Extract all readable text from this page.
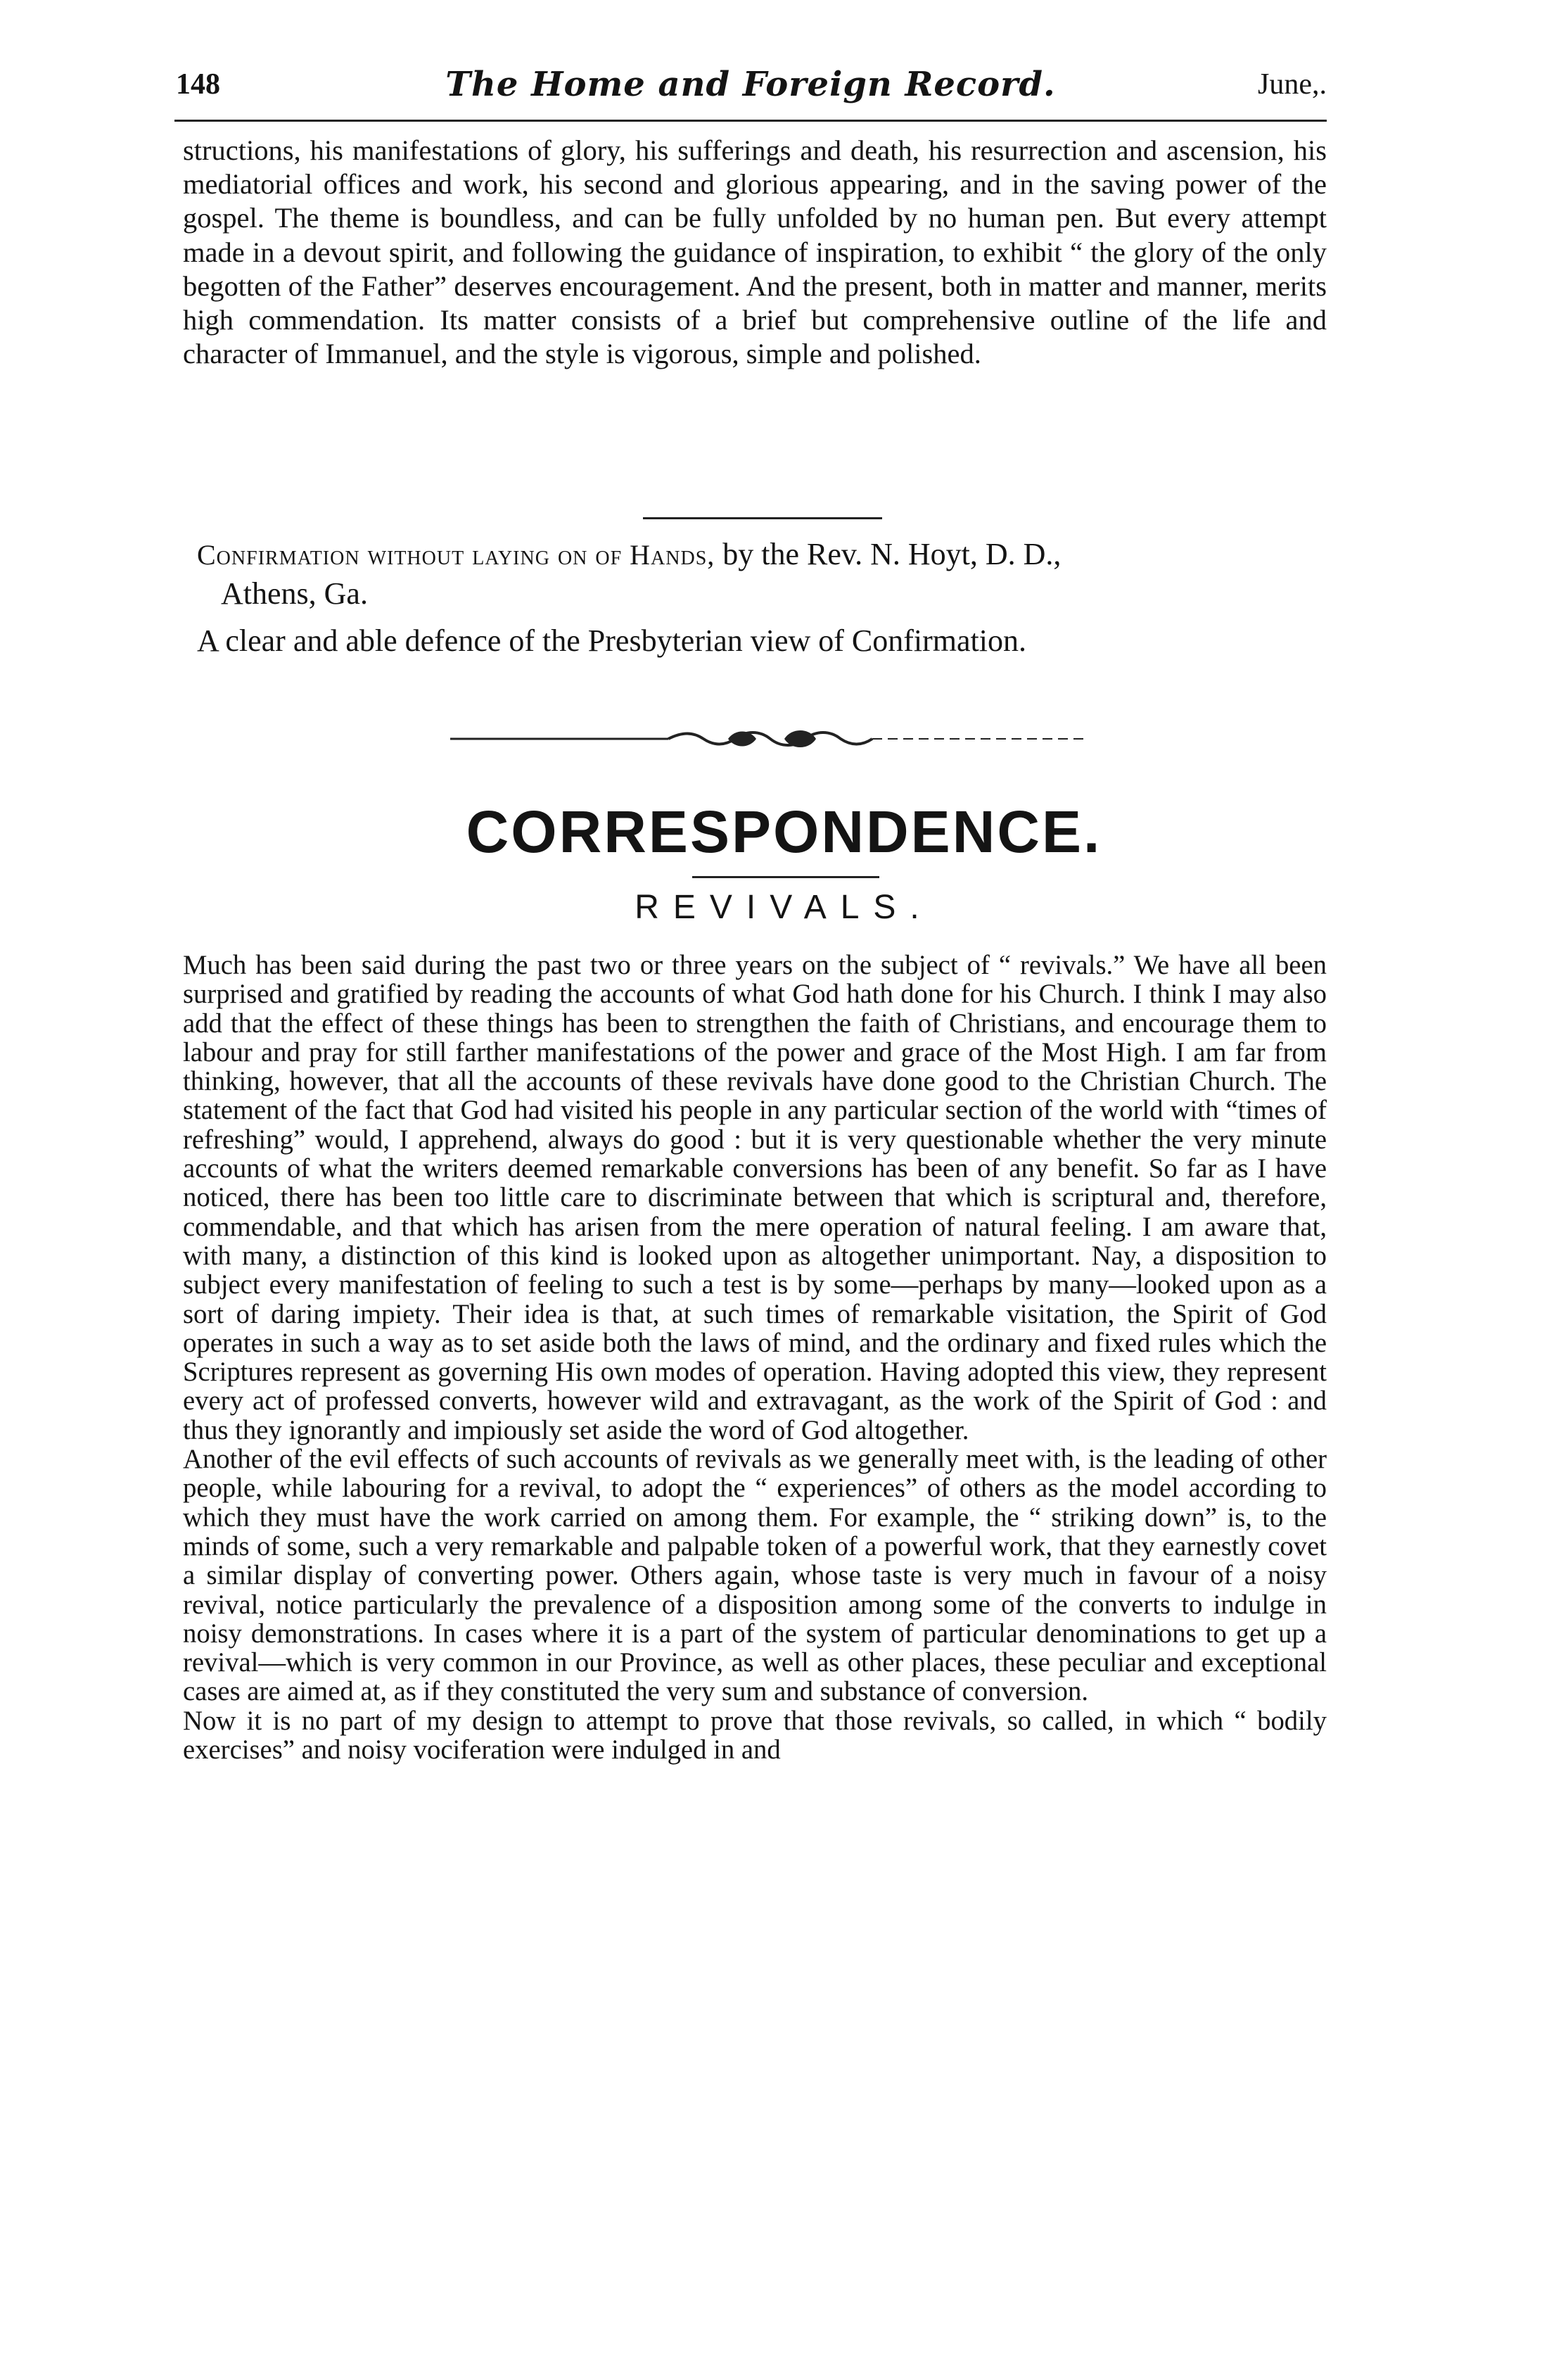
148	The Home and Foreign Record.	June,.

structions, his manifestations of glory, his sufferings and death, his resurrection and ascension, his mediatorial offices and work, his second and glorious appearing, and in the saving power of the gospel. The theme is boundless, and can be fully unfolded by no human pen. But every attempt made in a devout spirit, and following the guidance of inspiration, to exhibit “ the glory of the only begotten of the Father” deserves encouragement. And the present, both in matter and manner, merits high commendation. Its matter consists of a brief but comprehensive outline of the life and character of Immanuel, and the style is vigorous, simple and polished.

Confirmation without laying on of Hands, by the Rev. N. Hoyt, D. D.,
Athens, Ga.
A clear and able defence of the Presbyterian view of Confirmation.
CORRESPONDENCE.
REVIVALS.

Much has been said during the past two or three years on the subject of “ revivals.” We have all been surprised and gratified by reading the accounts of what God hath done for his Church. I think I may also add that the effect of these things has been to strengthen the faith of Christians, and encourage them to labour and pray for still farther manifestations of the power and grace of the Most High. I am far from thinking, however, that all the accounts of these revivals have done good to the Christian Church. The statement of the fact that God had visited his people in any particular section of the world with “times of refreshing” would, I apprehend, always do good : but it is very questionable whether the very minute accounts of what the writers deemed remarkable conversions has been of any benefit. So far as I have noticed, there has been too little care to discriminate between that which is scriptural and, therefore, commendable, and that which has arisen from the mere operation of natural feeling. I am aware that, with many, a distinction of this kind is looked upon as altogether unimportant. Nay, a disposition to subject every manifestation of feeling to such a test is by some—perhaps by many—looked upon as a sort of daring impiety. Their idea is that, at such times of remarkable visitation, the Spirit of God operates in such a way as to set aside both the laws of mind, and the ordinary and fixed rules which the Scriptures represent as governing His own modes of operation. Having adopted this view, they represent every act of professed converts, however wild and extravagant, as the work of the Spirit of God : and thus they ignorantly and impiously set aside the word of God altogether.

Another of the evil effects of such accounts of revivals as we generally meet with, is the leading of other people, while labouring for a revival, to adopt the “ experiences” of others as the model according to which they must have the work carried on among them. For example, the “ striking down” is, to the minds of some, such a very remarkable and palpable token of a powerful work, that they earnestly covet a similar display of converting power. Others again, whose taste is very much in favour of a noisy revival, notice particularly the prevalence of a disposition among some of the converts to indulge in noisy demonstrations. In cases where it is a part of the system of particular denominations to get up a revival—which is very common in our Province, as well as other places, these peculiar and exceptional cases are aimed at, as if they constituted the very sum and substance of conversion.

Now it is no part of my design to attempt to prove that those revivals, so called, in which “ bodily exercises” and noisy vociferation were indulged in and
